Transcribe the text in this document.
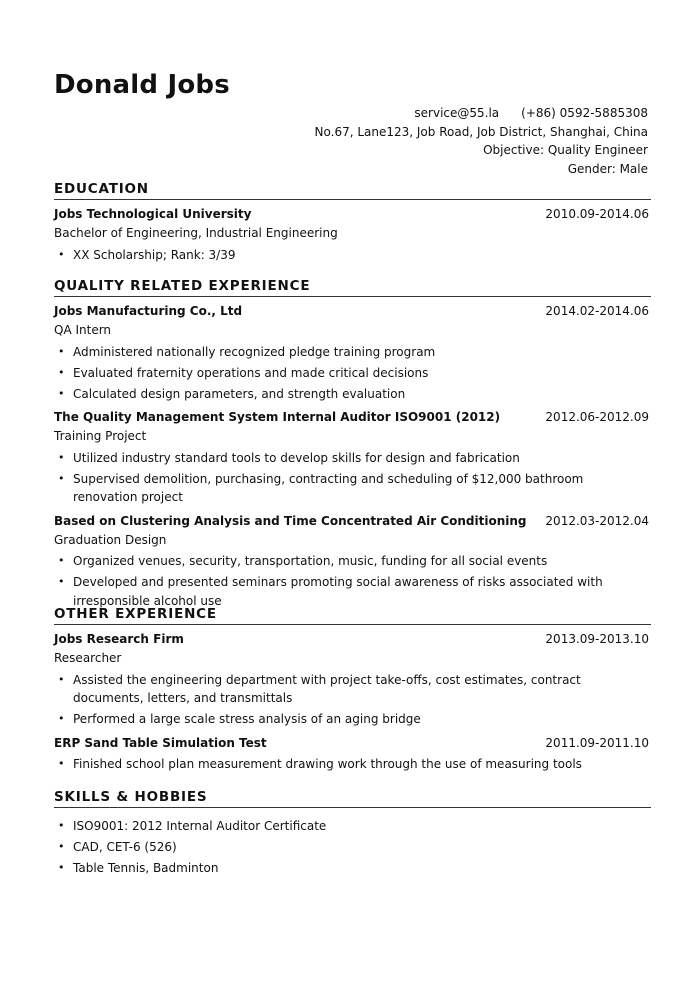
Donald Jobs
service@55.la (+86) 0592-5885308
No.67, Lane123, Job Road, Job District, Shanghai, China
Objective: Quality Engineer
Gender: Male
EDUCATION
Jobs Technological University	2010.09-2014.06
Bachelor of Engineering, Industrial Engineering
• XX Scholarship; Rank: 3/39
QUALITY RELATED EXPERIENCE
Jobs Manufacturing Co., Ltd	2014.02-2014.06
QA Intern
• Administered nationally recognized pledge training program
• Evaluated fraternity operations and made critical decisions
• Calculated design parameters, and strength evaluation
The Quality Management System Internal Auditor ISO9001 (2012)	2012.06-2012.09
Training Project
• Utilized industry standard tools to develop skills for design and fabrication
• Supervised demolition, purchasing, contracting and scheduling of $12,000 bathroom renovation project
Based on Clustering Analysis and Time Concentrated Air Conditioning 2012.03-2012.04
Graduation Design
• Organized venues, security, transportation, music, funding for all social events
• Developed and presented seminars promoting social awareness of risks associated with irresponsible alcohol use
OTHER EXPERIENCE
Jobs Research Firm	2013.09-2013.10
Researcher
• Assisted the engineering department with project take-offs, cost estimates, contract documents, letters, and transmittals
• Performed a large scale stress analysis of an aging bridge
ERP Sand Table Simulation Test	2011.09-2011.10
• Finished school plan measurement drawing work through the use of measuring tools
SKILLS & HOBBIES
• ISO9001: 2012 Internal Auditor Certificate
• CAD, CET-6 (526)
• Table Tennis, Badminton
